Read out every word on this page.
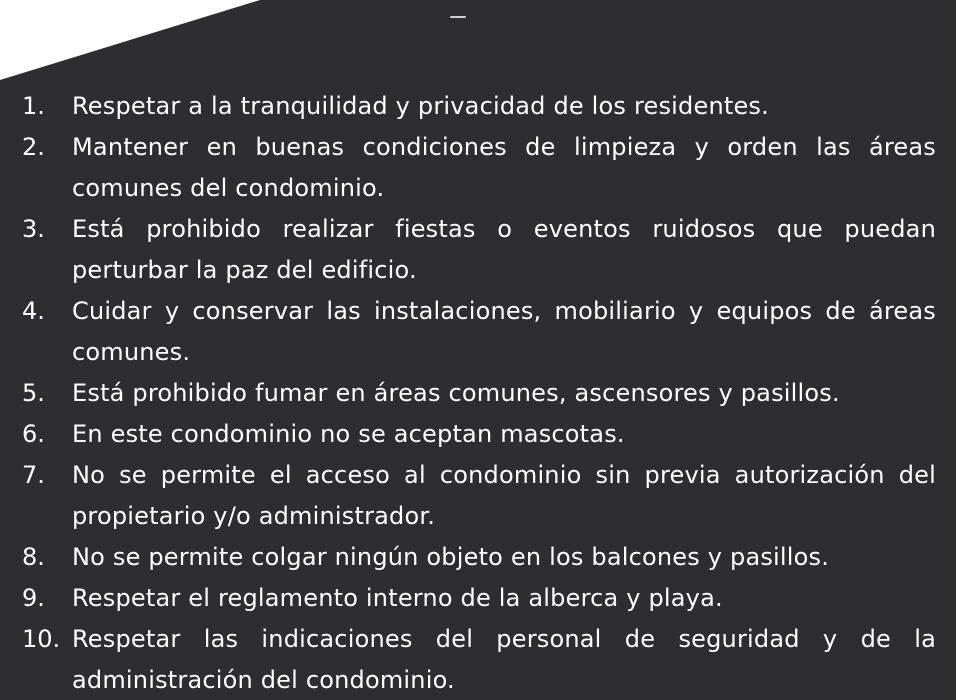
1.	Respetar a la tranquilidad y privacidad de los residentes.
2.	Mantener en buenas condiciones de limpieza y orden las áreas comunes del condominio.
3.	Está prohibido realizar fiestas o eventos ruidosos que puedan perturbar la paz del edificio.
4.	Cuidar y conservar las instalaciones, mobiliario y equipos de áreas comunes.
5.	Está prohibido fumar en áreas comunes, ascensores y pasillos.
6.	En este condominio no se aceptan mascotas.
7.	No se permite el acceso al condominio sin previa autorización del propietario y/o administrador.
8.	No se permite colgar ningún objeto en los balcones y pasillos.
9.	Respetar el reglamento interno de la alberca y playa.
10. Respetar las indicaciones del personal de seguridad y de la administración del condominio.
